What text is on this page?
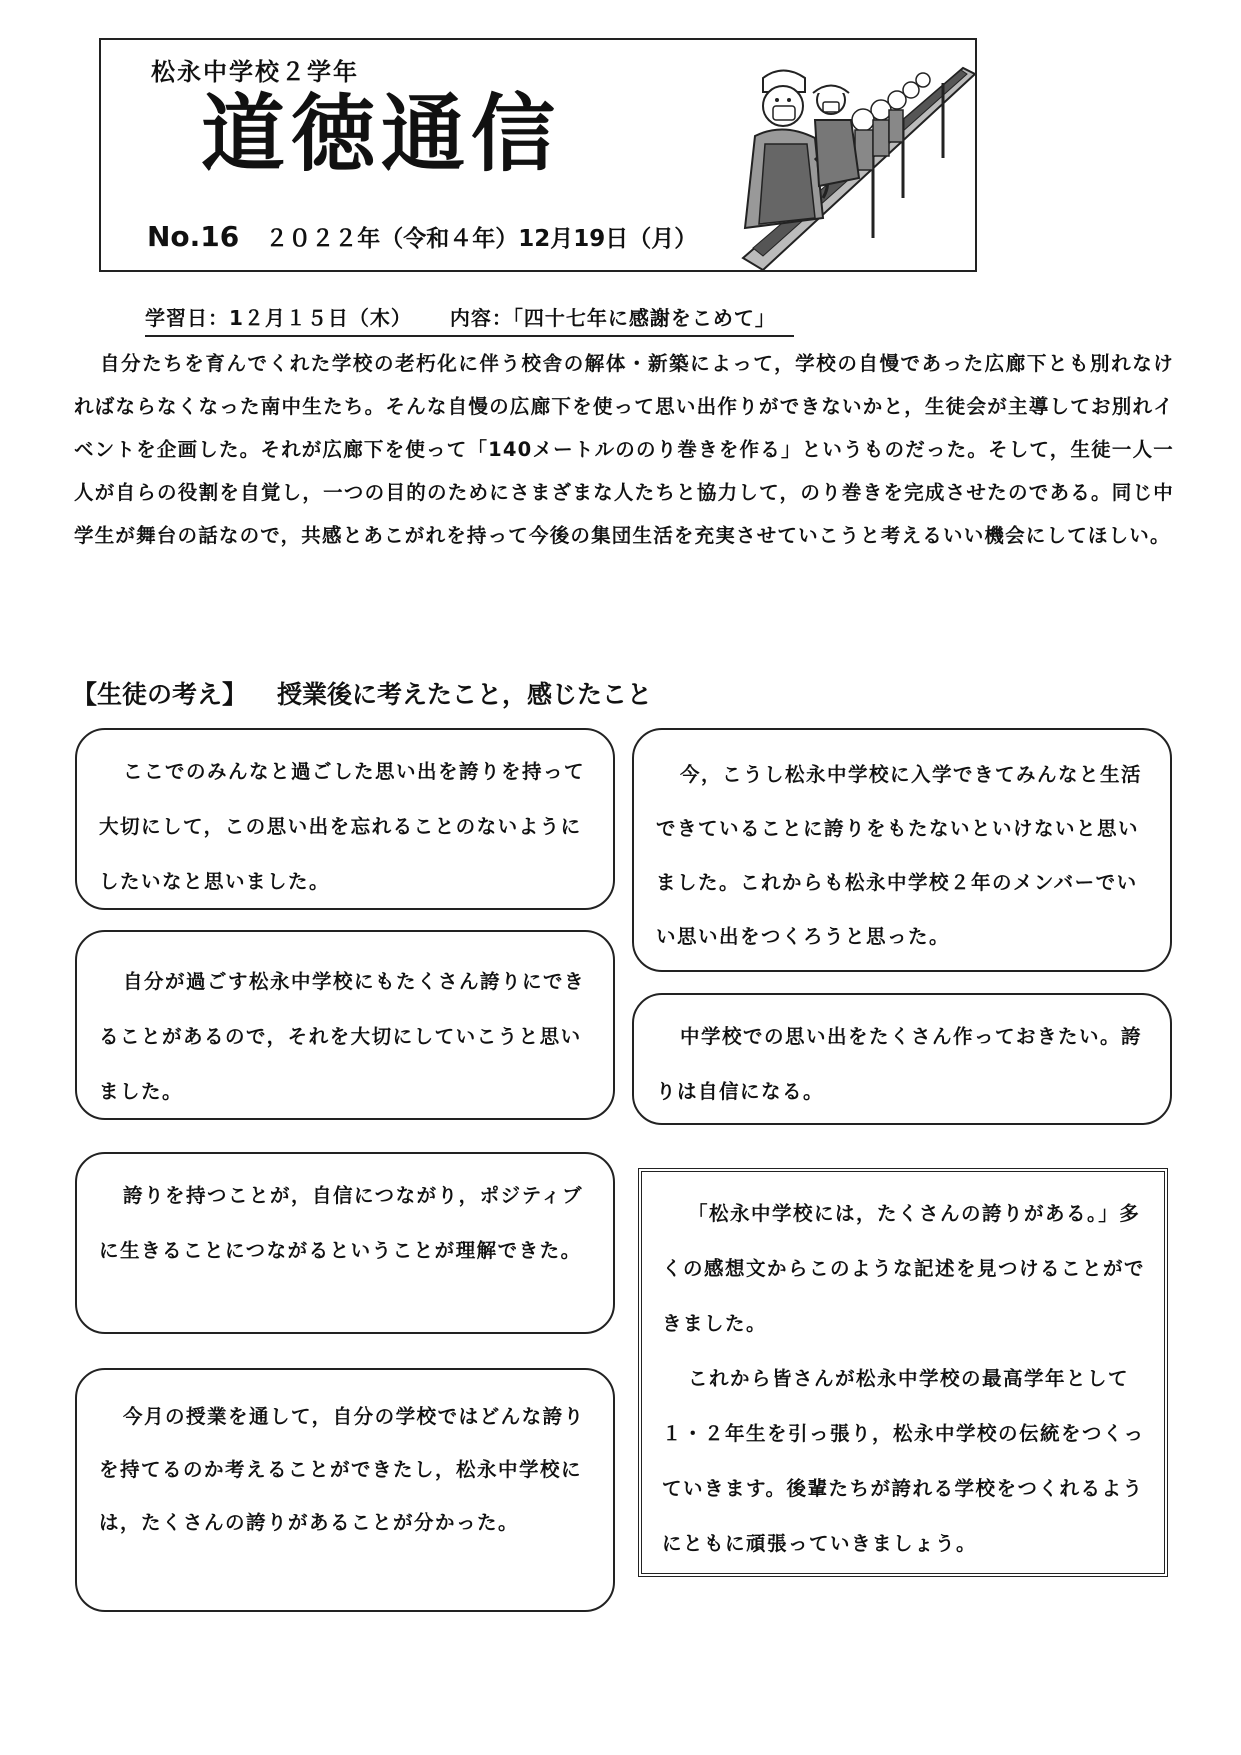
松永中学校２学年
道徳通信
No.16 ２０２２年（令和４年）12月19日（月）
学習日：1２月１５日（木） 内容：「四十七年に感謝をこめて」
自分たちを育んでくれた学校の老朽化に伴う校舎の解体・新築によって，学校の自慢であった広廊下とも別れなければならなくなった南中生たち。そんな自慢の広廊下を使って思い出作りができないかと，生徒会が主導してお別れイベントを企画した。それが広廊下を使って「140メートルののり巻きを作る」というものだった。そして，生徒一人一人が自らの役割を自覚し，一つの目的のためにさまざまな人たちと協力して，のり巻きを完成させたのである。同じ中学生が舞台の話なので，共感とあこがれを持って今後の集団生活を充実させていこうと考えるいい機会にしてほしい。
【生徒の考え】 授業後に考えたこと，感じたこと
ここでのみんなと過ごした思い出を誇りを持って大切にして，この思い出を忘れることのないようにしたいなと思いました。
自分が過ごす松永中学校にもたくさん誇りにできることがあるので，それを大切にしていこうと思いました。
誇りを持つことが，自信につながり，ポジティブに生きることにつながるということが理解できた。
今月の授業を通して，自分の学校ではどんな誇りを持てるのか考えることができたし，松永中学校には，たくさんの誇りがあることが分かった。
今，こうし松永中学校に入学できてみんなと生活できていることに誇りをもたないといけないと思いました。これからも松永中学校２年のメンバーでいい思い出をつくろうと思った。
中学校での思い出をたくさん作っておきたい。誇りは自信になる。

「松永中学校には，たくさんの誇りがある。」多くの感想文からこのような記述を見つけることができました。

これから皆さんが松永中学校の最高学年として１・２年生を引っ張り，松永中学校の伝統をつくっていきます。後輩たちが誇れる学校をつくれるようにともに頑張っていきましょう。
